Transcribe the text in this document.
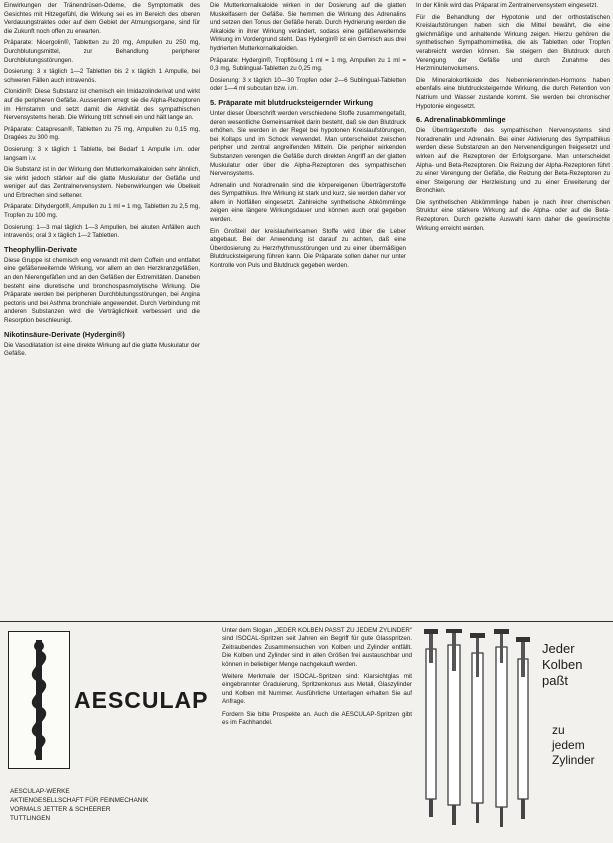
Einwirkungen der Tränendrüsen-Ödeme, die Symptomatik des Gesichtes mit Hitzegefühl, die Wirkung sei es im Bereich des oberen Verdauungstraktes oder auf dem Gebiet der Atmungsorgane, sind für die Zukunft noch offen zu erwarten.

Präparate: Nicergolin®, Tabletten zu 20 mg, Ampullen zu 250 mg, Durchblutungsmittel, zur Behandlung peripherer Durchblutungsstörungen.

Dosierung: 3 x täglich 1—2 Tabletten bis 2 x täglich 1 Ampulle, bei schweren Fällen auch intravenös.

Clonidin®: Diese Substanz ist chemisch ein Imidazolinderivat und wirkt auf die peripheren Gefäße. Ausserdem erregt sie die Alpha-Rezeptoren im Hirnstamm und setzt damit die Aktivität des sympathischen Nervensystems herab. Die Wirkung tritt schnell ein und hält lange an.

Präparate: Catapresan®, Tabletten zu 75 mg, Ampullen zu 0,15 mg, Dragées zu 300 mg.

Dosierung: 3 x täglich 1 Tablette, bei Bedarf 1 Ampulle i.m. oder langsam i.v.

Die Substanz ist in der Wirkung den Mutterkornalkaloiden sehr ähnlich, sie wirkt jedoch stärker auf die glatte Muskulatur der Gefäße und weniger auf das Zentralnervensystem. Nebenwirkungen wie Übelkeit und Erbrechen sind seltener.

Präparate: Dihydergot®, Ampullen zu 1 ml = 1 mg, Tabletten zu 2,5 mg, Tropfen zu 100 mg.

Dosierung: 1—3 mal täglich 1—3 Ampullen, bei akuten Anfällen auch intravenös; oral 3 x täglich 1—2 Tabletten.

Theophyllin-Derivate

Diese Gruppe ist chemisch eng verwandt mit dem Coffein und entfaltet eine gefäßerweiternde Wirkung, vor allem an den Herzkranzgefäßen, an den Nierengefäßen und an den Gefäßen der Extremitäten. Daneben besteht eine diuretische und bronchospasmolytische Wirkung. Die Präparate werden bei peripheren Durchblutungsstörungen, bei Angina pectoris und bei Asthma bronchiale angewendet. Durch Verbindung mit anderen Substanzen wird die Verträglichkeit verbessert und die Resorption beschleunigt.

Nikotinsäure-Derivate (Hydergin®)

Die Vasodilatation ist eine direkte Wirkung auf die glatte Muskulatur der Gefäße.

Die Mutterkornalkaloide wirken in der Dosierung auf die glatten Muskelfasern der Gefäße. Sie hemmen die Wirkung des Adrenalins und setzen den Tonus der Gefäße herab. Durch Hydrierung werden die Alkaloide in ihrer Wirkung verändert, sodass eine gefäßerweiternde Wirkung im Vordergrund steht. Das Hydergin® ist ein Gemisch aus drei hydrierten Mutterkornalkaloiden.

Präparate: Hydergin®, Tropflösung 1 ml = 1 mg, Ampullen zu 1 ml = 0,3 mg, Sublingual-Tabletten zu 0,25 mg.

Dosierung: 3 x täglich 10—30 Tropfen oder 2—6 Sublingual-Tabletten oder 1—4 ml subcutan bzw. i.m.

5. Präparate mit blutdrucksteigernder Wirkung

Unter dieser Überschrift werden verschiedene Stoffe zusammengefaßt, deren wesentliche Gemeinsamkeit darin besteht, daß sie den Blutdruck erhöhen. Sie werden in der Regel bei hypotonen Kreislaufstörungen, bei Kollaps und im Schock verwendet. Man unterscheidet zwischen peripher und zentral angreifenden Mitteln. Die peripher wirkenden Substanzen verengen die Gefäße durch direkten Angriff an der glatten Muskulatur oder über die Alpha-Rezeptoren des sympathischen Nervensystems.

Adrenalin und Noradrenalin sind die körpereigenen Überträgerstoffe des Sympathikus. Ihre Wirkung ist stark und kurz, sie werden daher vor allem in Notfällen eingesetzt. Zahlreiche synthetische Abkömmlinge zeigen eine längere Wirkungsdauer und können auch oral gegeben werden.

Ein Großteil der kreislaufwirksamen Stoffe wird über die Leber abgebaut. Bei der Anwendung ist darauf zu achten, daß eine Überdosierung zu Herzrhythmusstörungen und zu einer übermäßigen Blutdrucksteigerung führen kann. Die Präparate sollen daher nur unter Kontrolle von Puls und Blutdruck gegeben werden.

In der Klinik wird das Präparat im Zentralnervensystem eingesetzt.

Für die Behandlung der Hypotonie und der orthostatischen Kreislaufstörungen haben sich die Mittel bewährt, die eine gleichmäßige und anhaltende Wirkung zeigen. Hierzu gehören die synthetischen Sympathomimetika, die als Tabletten oder Tropfen verabreicht werden können. Sie steigern den Blutdruck durch Verengung der Gefäße und durch Zunahme des Herzminutenvolumens.

Die Mineralokortikoide des Nebennierenrinden-Hormons haben ebenfalls eine blutdrucksteigernde Wirkung, die durch Retention von Natrium und Wasser zustande kommt. Sie werden bei chronischer Hypotonie eingesetzt.

6. Adrenalinabkömmlinge

Die Überträgerstoffe des sympathischen Nervensystems sind Noradrenalin und Adrenalin. Bei einer Aktivierung des Sympathikus werden diese Substanzen an den Nervenendigungen freigesetzt und wirken auf die Rezeptoren der Erfolgsorgane. Man unterscheidet Alpha- und Beta-Rezeptoren. Die Reizung der Alpha-Rezeptoren führt zu einer Verengung der Gefäße, die Reizung der Beta-Rezeptoren zu einer Steigerung der Herzleistung und zu einer Erweiterung der Bronchien.

Die synthetischen Abkömmlinge haben je nach ihrer chemischen Struktur eine stärkere Wirkung auf die Alpha- oder auf die Beta-Rezeptoren. Durch gezielte Auswahl kann daher die gewünschte Wirkung erreicht werden.

AESCULAP
AESCULAP-WERKE
AKTIENGESELLSCHAFT FÜR FEINMECHANIK
VORMALS JETTER & SCHEERER
TUTTLINGEN

Unter dem Slogan „JEDER KOLBEN PASST ZU JEDEM ZYLINDER" sind ISOCAL-Spritzen seit Jahren ein Begriff für gute Glasspritzen. Zeitraubendes Zusammensuchen von Kolben und Zylinder entfällt. Die Kolben und Zylinder sind in allen Größen frei austauschbar und können in beliebiger Menge nachgekauft werden.

Weitere Merkmale der ISOCAL-Spritzen sind: Klarsichtglas mit eingebrannter Graduierung, Spritzenkonus aus Metall, Glaszylinder und Kolben mit Nummer. Ausführliche Unterlagen erhalten Sie auf Anfrage.

Fordern Sie bitte Prospekte an. Auch die AESCULAP-Spritzen gibt es im Fachhandel.

Jeder
Kolben
paßt
zu
jedem
Zylinder
